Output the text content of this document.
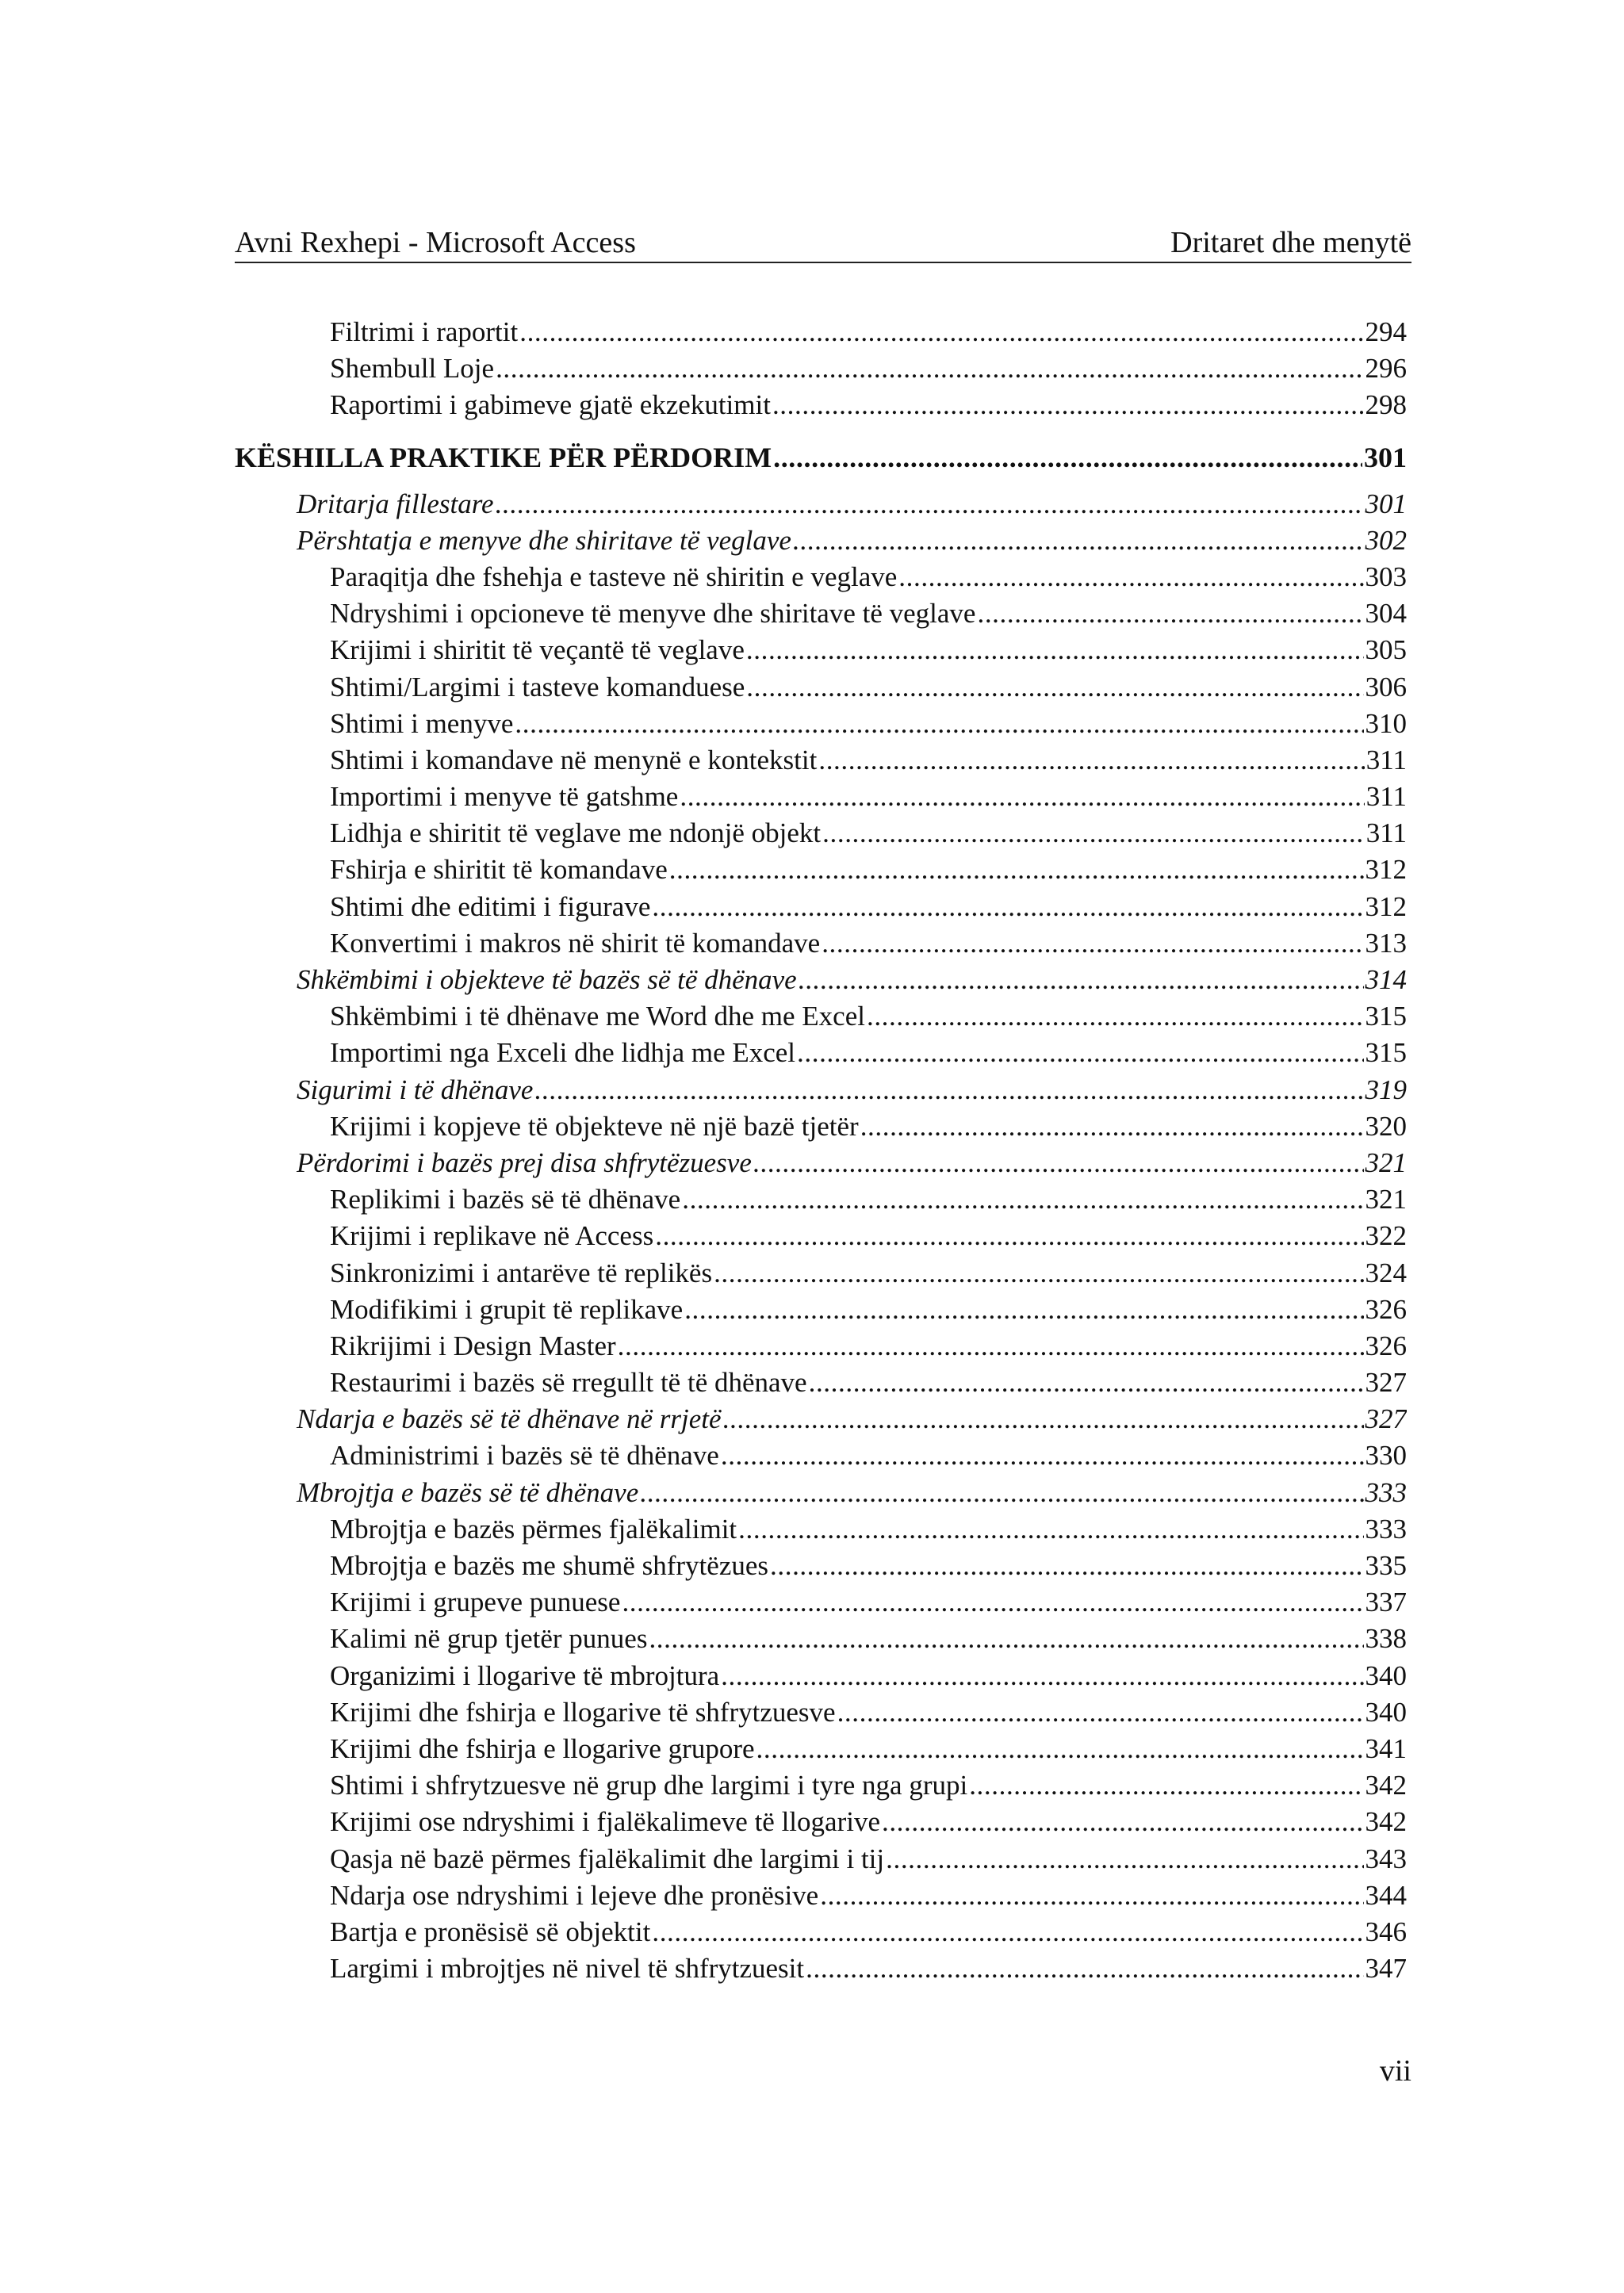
Avni Rexhepi - Microsoft Access	Dritaret dhe menytë
Filtrimi i raportit .....	294
Shembull Loje .....	296
Raportimi i gabimeve gjatë ekzekutimit .....	298
KËSHILLA PRAKTIKE PËR PËRDORIM .....	301
Dritarja fillestare .....	301
Përshtatja e menyve dhe shiritave të veglave .....	302
Paraqitja dhe fshehja e tasteve në shiritin e veglave .....	303
Ndryshimi i opcioneve të menyve dhe shiritave të veglave .....	304
Krijimi i shiritit të veçantë të veglave .....	305
Shtimi/Largimi i tasteve komanduese .....	306
Shtimi i menyve .....	310
Shtimi i komandave në menynë e kontekstit .....	311
Importimi i menyve të gatshme .....	311
Lidhja e shiritit të veglave me ndonjë objekt .....	311
Fshirja e shiritit të komandave .....	312
Shtimi dhe editimi i figurave .....	312
Konvertimi i makros në shirit të komandave .....	313
Shkëmbimi i objekteve të bazës së të dhënave .....	314
Shkëmbimi i të dhënave me Word dhe me Excel .....	315
Importimi nga Exceli dhe lidhja me Excel .....	315
Sigurimi i të dhënave .....	319
Krijimi i kopjeve të objekteve në një bazë tjetër .....	320
Përdorimi i bazës prej disa shfrytëzuesve .....	321
Replikimi i bazës së të dhënave .....	321
Krijimi i replikave në Access .....	322
Sinkronizimi i antarëve të replikës .....	324
Modifikimi i grupit të replikave .....	326
Rikrijimi i Design Master .....	326
Restaurimi i bazës së rregullt të të dhënave .....	327
Ndarja e bazës së të dhënave në rrjetë .....	327
Administrimi i bazës së të dhënave .....	330
Mbrojtja e bazës së të dhënave .....	333
Mbrojtja e bazës përmes fjalëkalimit .....	333
Mbrojtja e bazës me shumë shfrytëzues .....	335
Krijimi i grupeve punuese .....	337
Kalimi në grup tjetër punues .....	338
Organizimi i llogarive të mbrojtura .....	340
Krijimi dhe fshirja e llogarive të shfrytzuesve .....	340
Krijimi dhe fshirja e llogarive grupore .....	341
Shtimi i shfrytzuesve në grup dhe largimi i tyre nga grupi .....	342
Krijimi ose ndryshimi i fjalëkalimeve të llogarive .....	342
Qasja në bazë përmes fjalëkalimit dhe largimi i tij .....	343
Ndarja ose ndryshimi i lejeve dhe pronësive .....	344
Bartja e pronësisë së objektit .....	346
Largimi i mbrojtjes në nivel të shfrytzuesit .....	347
vii
